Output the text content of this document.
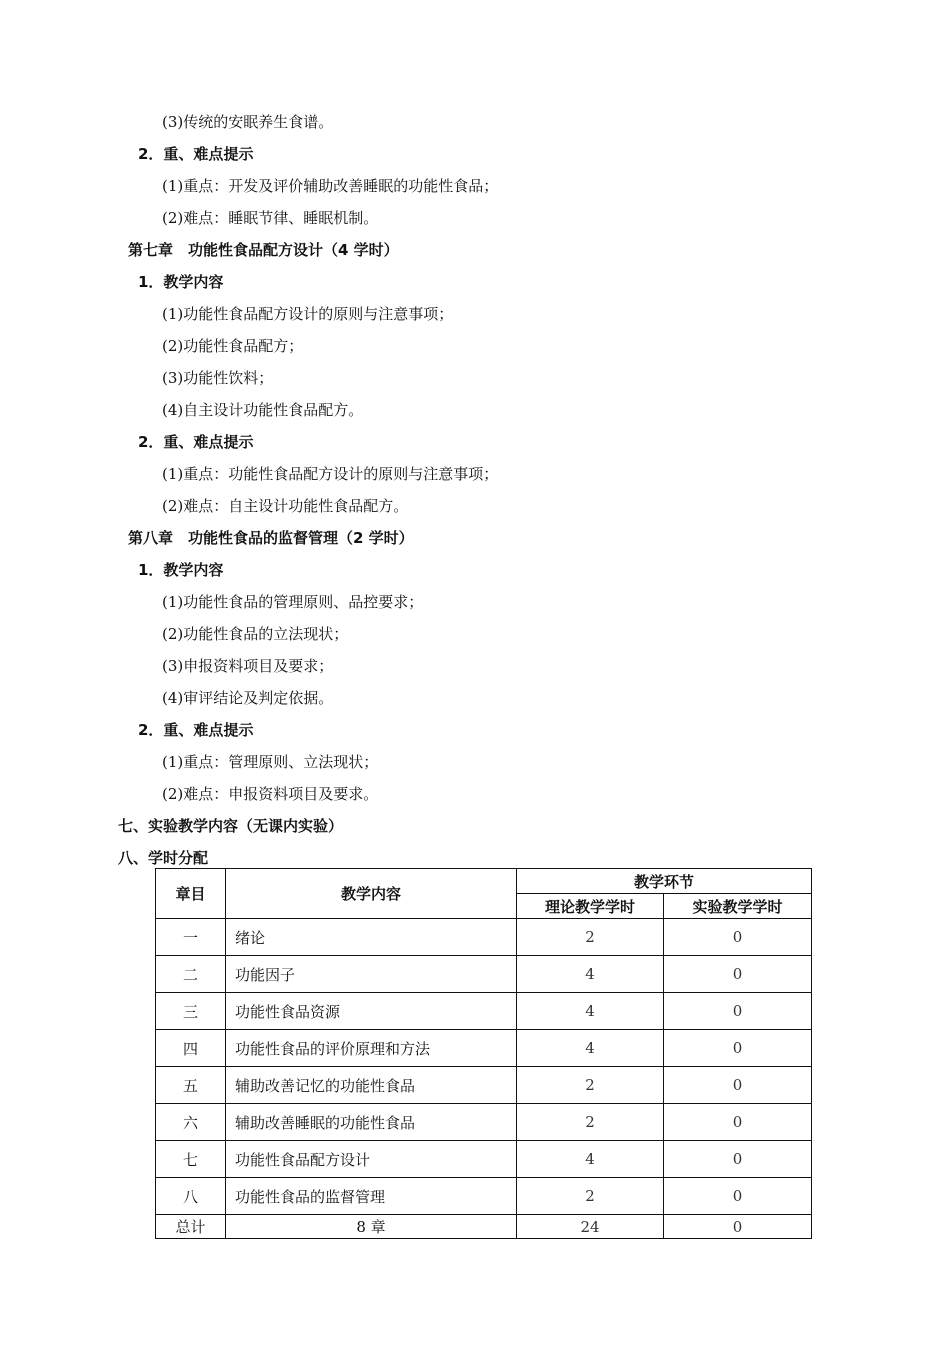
(3)传统的安眠养生食谱。
2．重、难点提示
(1)重点：开发及评价辅助改善睡眠的功能性食品；
(2)难点：睡眠节律、睡眠机制。
第七章　功能性食品配方设计（4 学时）
1．教学内容
(1)功能性食品配方设计的原则与注意事项；
(2)功能性食品配方；
(3)功能性饮料；
(4)自主设计功能性食品配方。
2．重、难点提示
(1)重点：功能性食品配方设计的原则与注意事项；
(2)难点：自主设计功能性食品配方。
第八章　功能性食品的监督管理（2 学时）
1．教学内容
(1)功能性食品的管理原则、品控要求；
(2)功能性食品的立法现状；
(3)申报资料项目及要求；
(4)审评结论及判定依据。
2．重、难点提示
(1)重点：管理原则、立法现状；
(2)难点：申报资料项目及要求。
七、实验教学内容（无课内实验）
八、学时分配
章目	教学内容	教学环节	
		理论教学学时	实验教学学时
一	绪论	2	0
二	功能因子	4	0
三	功能性食品资源	4	0
四	功能性食品的评价原理和方法	4	0
五	辅助改善记忆的功能性食品	2	0
六	辅助改善睡眠的功能性食品	2	0
七	功能性食品配方设计	4	0
八	功能性食品的监督管理	2	0
总计	8 章	24	0
